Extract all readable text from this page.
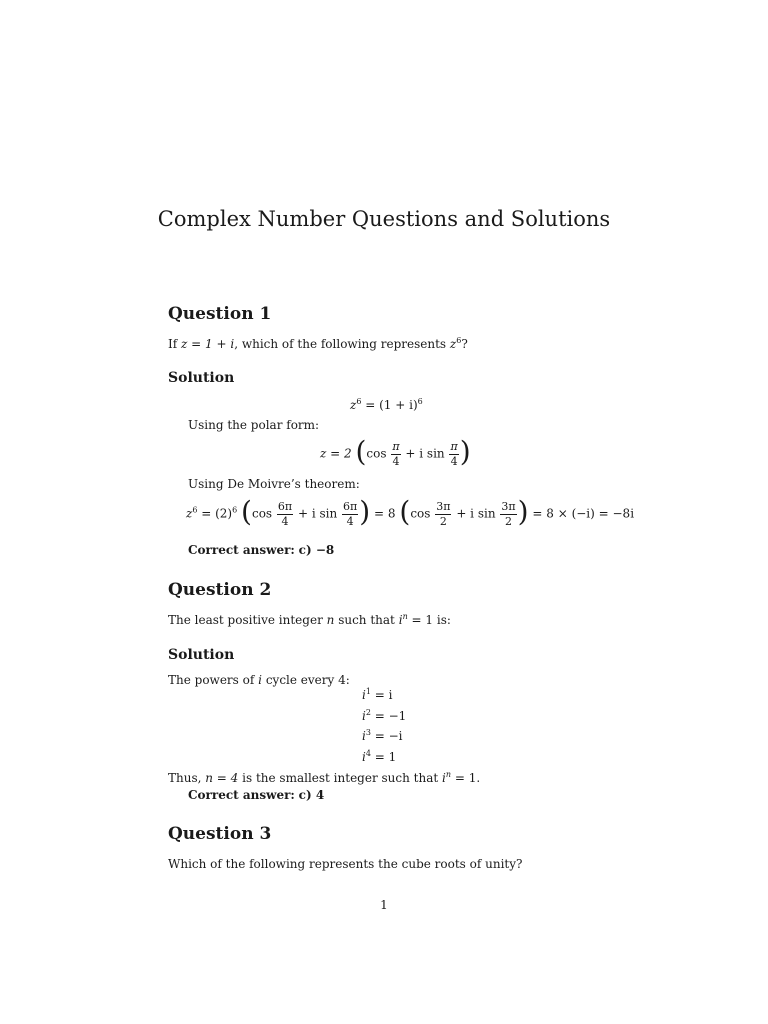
Complex Number Questions and Solutions
Question 1
If z = 1 + i, which of the following represents $z^6$?
Solution
$z^6 = (1 + i)^6$
Using the polar form:
z = 2 ($\cos \frac{\pi}{4} + i$ $\sin \frac{\pi}{4}$ )
Using De Moivre’s theorem:
$z^6 = (2)^6$ ($\cos \frac{6\pi}{4} + i$ $\sin \frac{6\pi}{4}$ ) = 8 ($\cos \frac{3\pi}{2} + i$ $\sin \frac{3\pi}{2}$ ) = 8 × (−i) = −8i
Correct answer: c) −8
Question 2
The least positive integer n such that $i^n = 1$ is:
Solution
The powers of i cycle every 4:
$i^1 = i$
$i^2 = -1$
$i^3 = -i$
$i^4 = 1$
Thus, n = 4 is the smallest integer such that $i^n = 1$.
Correct answer: c) 4
Question 3
Which of the following represents the cube roots of unity?
1
